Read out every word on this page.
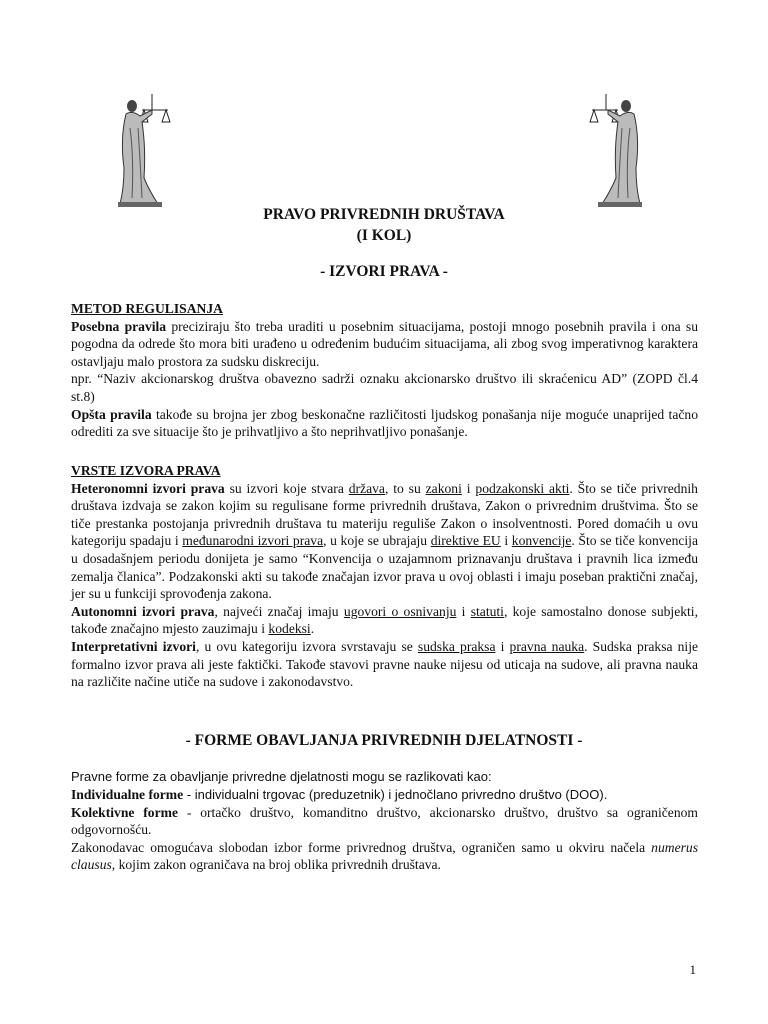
PRAVO PRIVREDNIH DRUŠTAVA
(I KOL)
- IZVORI PRAVA -

METOD REGULISANJA

Posebna pravila preciziraju što treba uraditi u posebnim situacijama, postoji mnogo posebnih pravila i ona su pogodna da odrede što mora biti urađeno u određenim budućim situacijama, ali zbog svog imperativnog karaktera ostavljaju malo prostora za sudsku diskreciju.

npr. “Naziv akcionarskog društva obavezno sadrži oznaku akcionarsko društvo ili skraćenicu AD” (ZOPD čl.4 st.8)

Opšta pravila takođe su brojna jer zbog beskonačne različitosti ljudskog ponašanja nije moguće unaprijed tačno odrediti za sve situacije što je prihvatljivo a što neprihvatljivo ponašanje.

VRSTE IZVORA PRAVA

Heteronomni izvori prava su izvori koje stvara država, to su zakoni i podzakonski akti. Što se tiče privrednih društava izdvaja se zakon kojim su regulisane forme privrednih društava, Zakon o privrednim društvima. Što se tiče prestanka postojanja privrednih društava tu materiju reguliše Zakon o insolventnosti. Pored domaćih u ovu kategoriju spadaju i međunarodni izvori prava, u koje se ubrajaju direktive EU i konvencije. Što se tiče konvencija u dosadašnjem periodu donijeta je samo “Konvencija o uzajamnom priznavanju društava i pravnih lica između zemalja članica”. Podzakonski akti su takođe značajan izvor prava u ovoj oblasti i imaju poseban praktični značaj, jer su u funkciji sprovođenja zakona.

Autonomni izvori prava, najveći značaj imaju ugovori o osnivanju i statuti, koje samostalno donose subjekti, takođe značajno mjesto zauzimaju i kodeksi.

Interpretativni izvori, u ovu kategoriju izvora svrstavaju se sudska praksa i pravna nauka. Sudska praksa nije formalno izvor prava ali jeste faktički. Takođe stavovi pravne nauke nijesu od uticaja na sudove, ali pravna nauka na različite načine utiče na sudove i zakonodavstvo.

- FORME OBAVLJANJA PRIVREDNIH DJELATNOSTI -

Pravne forme za obavljanje privredne djelatnosti mogu se razlikovati kao:

Individualne forme - individualni trgovac (preduzetnik) i jednočlano privredno društvo (DOO).

Kolektivne forme - ortačko društvo, komanditno društvo, akcionarsko društvo, društvo sa ograničenom odgovornošću.

Zakonodavac omogućava slobodan izbor forme privrednog društva, ograničen samo u okviru načela numerus clausus, kojim zakon ograničava na broj oblika privrednih društava.

1
